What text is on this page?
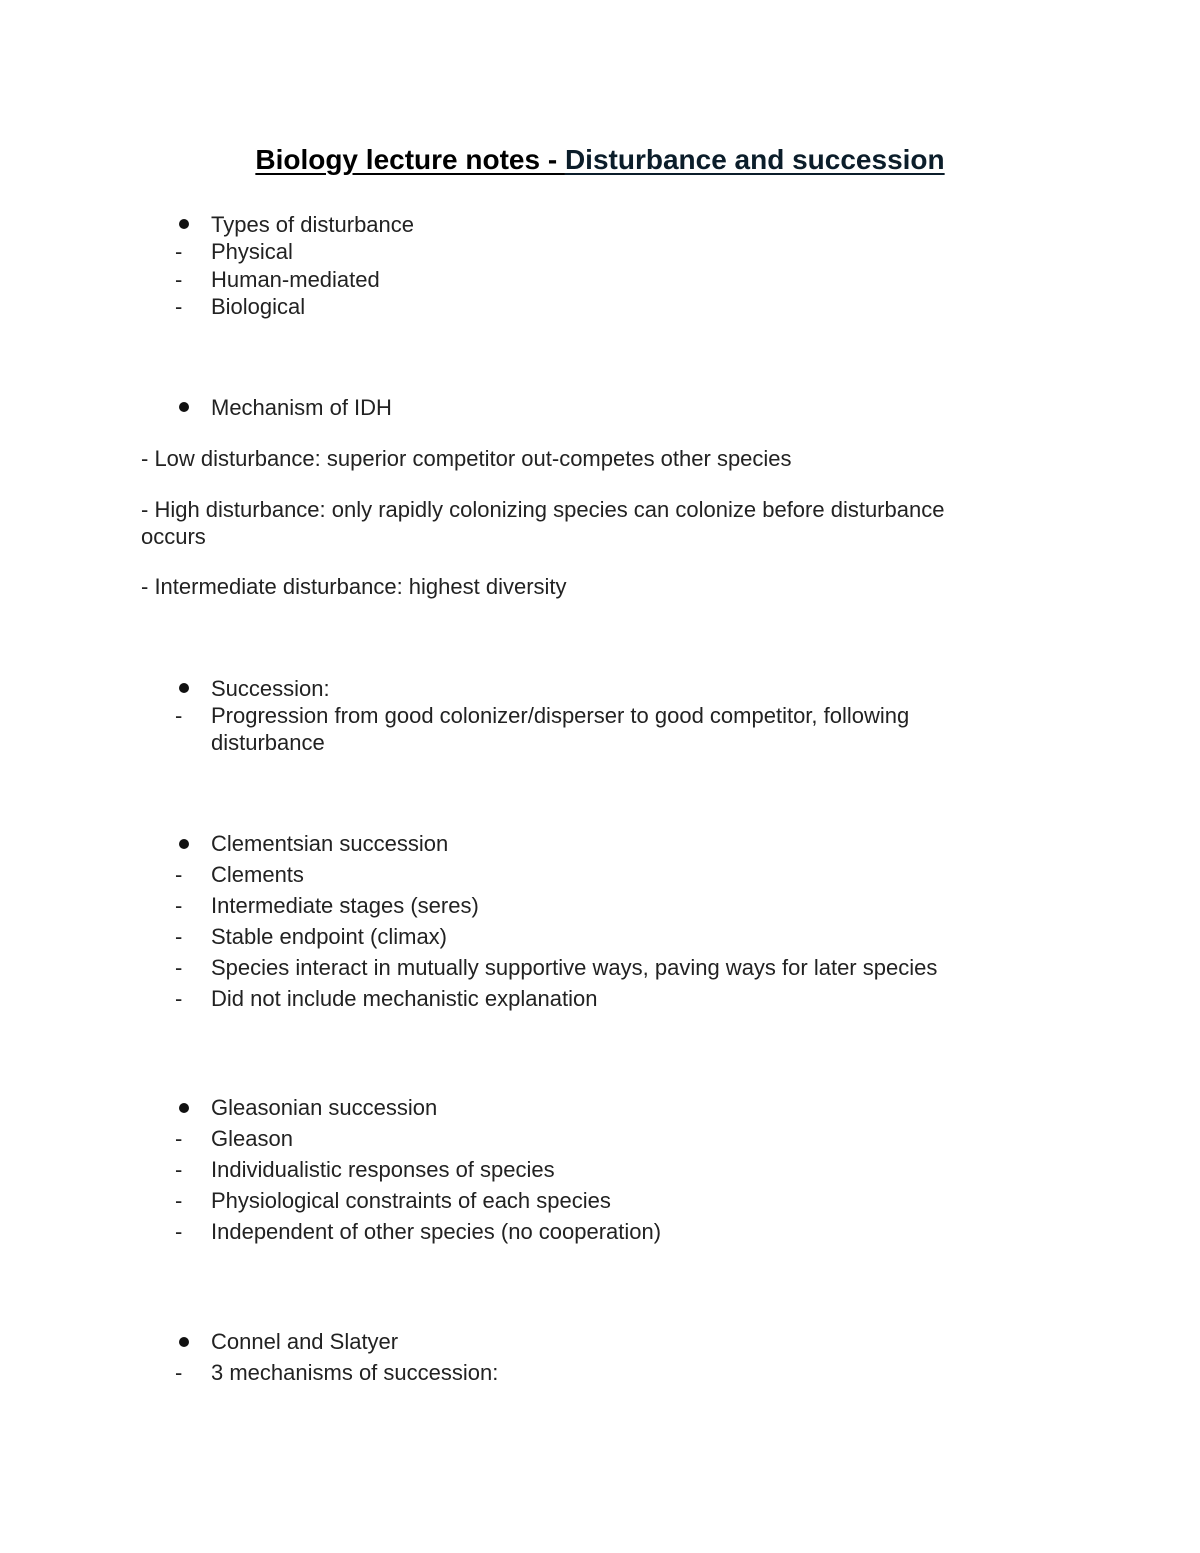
Biology lecture notes - Disturbance and succession
Types of disturbance
-	Physical
-	Human-mediated
-	Biological
Mechanism of IDH
- Low disturbance: superior competitor out-competes other species
- High disturbance: only rapidly colonizing species can colonize before disturbance
occurs
- Intermediate disturbance: highest diversity
Succession:
-	Progression from good colonizer/disperser to good competitor, following
disturbance
Clementsian succession
-	Clements
-	Intermediate stages (seres)
-	Stable endpoint (climax)
-	Species interact in mutually supportive ways, paving ways for later species
-	Did not include mechanistic explanation
Gleasonian succession
-	Gleason
-	Individualistic responses of species
-	Physiological constraints of each species
-	Independent of other species (no cooperation)
Connel and Slatyer
-	3 mechanisms of succession:
